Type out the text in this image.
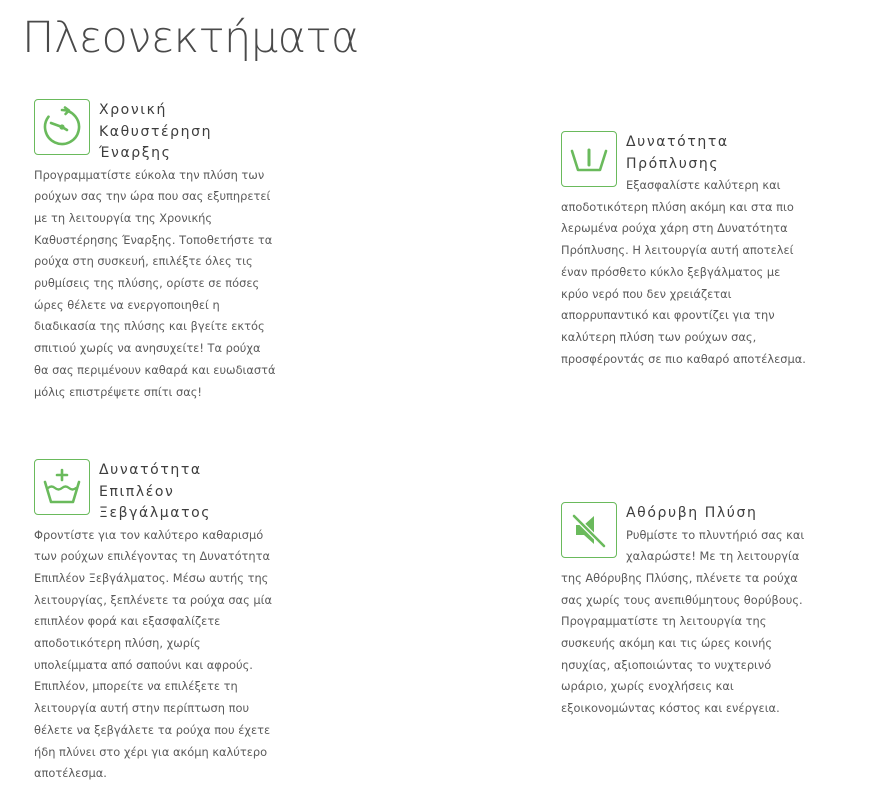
Πλεονεκτήματα
Χρονική Καθυστέρηση Έναρξης

Προγραμματίστε εύκολα την πλύση των ρούχων σας την ώρα που σας εξυπηρετεί με τη λειτουργία της Χρονικής Καθυστέρησης Έναρξης. Τοποθετήστε τα ρούχα στη συσκευή, επιλέξτε όλες τις ρυθμίσεις της πλύσης, ορίστε σε πόσες ώρες θέλετε να ενεργοποιηθεί η διαδικασία της πλύσης και βγείτε εκτός σπιτιού χωρίς να ανησυχείτε! Τα ρούχα θα σας περιμένουν καθαρά και ευωδιαστά μόλις επιστρέψετε σπίτι σας!

Δυνατότητα Πρόπλυσης

Εξασφαλίστε καλύτερη και αποδοτικότερη πλύση ακόμη και στα πιο λερωμένα ρούχα χάρη στη Δυνατότητα Πρόπλυσης. Η λειτουργία αυτή αποτελεί έναν πρόσθετο κύκλο ξεβγάλματος με κρύο νερό που δεν χρειάζεται απορρυπαντικό και φροντίζει για την καλύτερη πλύση των ρούχων σας, προσφέροντάς σε πιο καθαρό αποτέλεσμα.

Δυνατότητα Επιπλέον Ξεβγάλματος

Φροντίστε για τον καλύτερο καθαρισμό των ρούχων επιλέγοντας τη Δυνατότητα Επιπλέον Ξεβγάλματος. Μέσω αυτής της λειτουργίας, ξεπλένετε τα ρούχα σας μία επιπλέον φορά και εξασφαλίζετε αποδοτικότερη πλύση, χωρίς υπολείμματα από σαπούνι και αφρούς. Επιπλέον, μπορείτε να επιλέξετε τη λειτουργία αυτή στην περίπτωση που θέλετε να ξεβγάλετε τα ρούχα που έχετε ήδη πλύνει στο χέρι για ακόμη καλύτερο αποτέλεσμα.

Αθόρυβη Πλύση

Ρυθμίστε το πλυντήριό σας και χαλαρώστε! Με τη λειτουργία της Αθόρυβης Πλύσης, πλένετε τα ρούχα σας χωρίς τους ανεπιθύμητους θορύβους. Προγραμματίστε τη λειτουργία της συσκευής ακόμη και τις ώρες κοινής ησυχίας, αξιοποιώντας το νυχτερινό ωράριο, χωρίς ενοχλήσεις και εξοικονομώντας κόστος και ενέργεια.
